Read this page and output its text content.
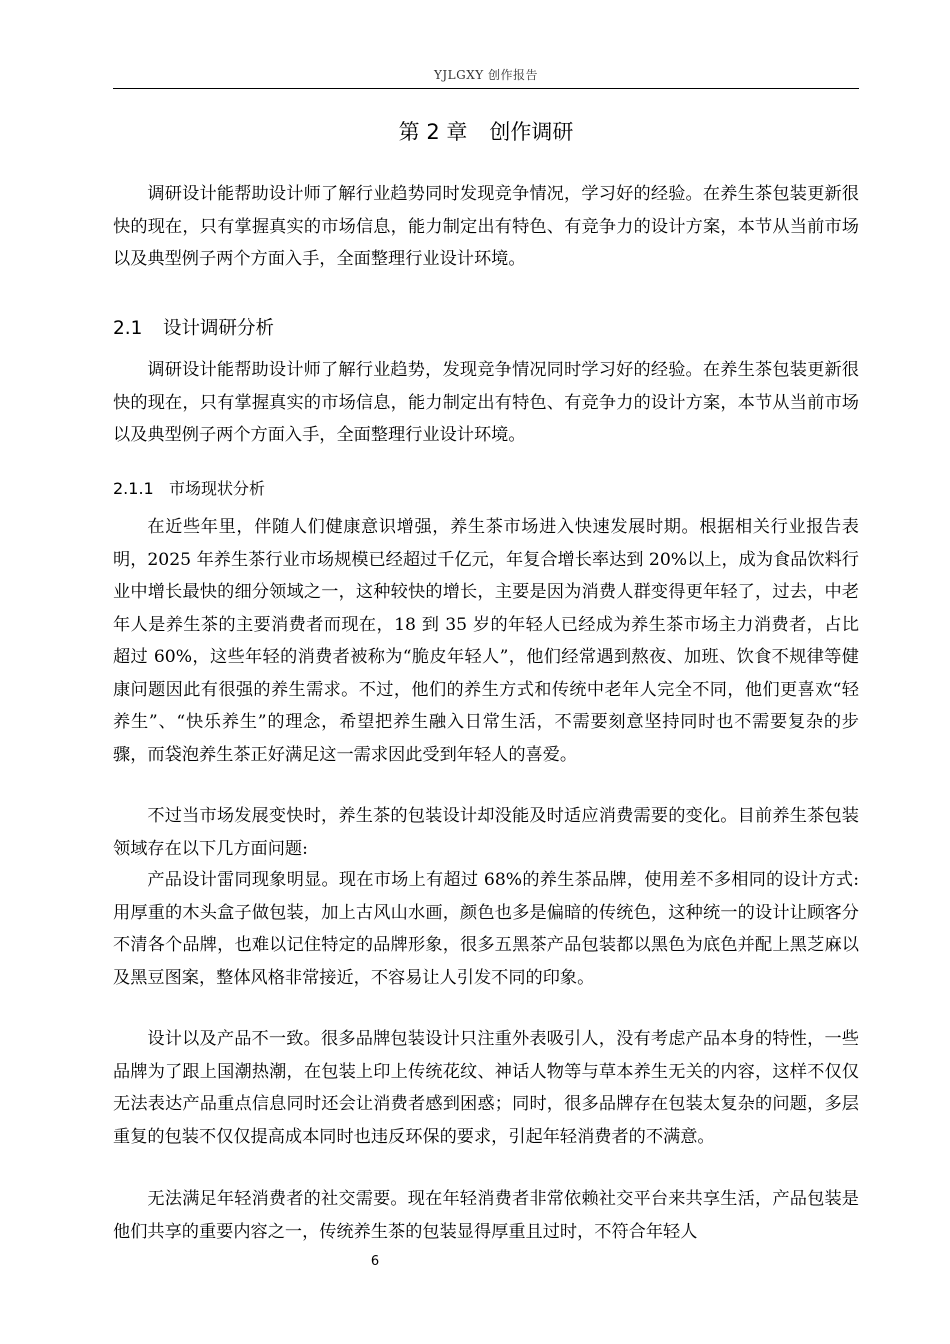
YJLGXY 创作报告
第 2 章 创作调研

调研设计能帮助设计师了解行业趋势同时发现竞争情况，学习好的经验。在养生茶包装更新很快的现在，只有掌握真实的市场信息，能力制定出有特色、有竞争力的设计方案，本节从当前市场以及典型例子两个方面入手，全面整理行业设计环境。

2.1 设计调研分析

调研设计能帮助设计师了解行业趋势，发现竞争情况同时学习好的经验。在养生茶包装更新很快的现在，只有掌握真实的市场信息，能力制定出有特色、有竞争力的设计方案，本节从当前市场以及典型例子两个方面入手，全面整理行业设计环境。

2.1.1 市场现状分析

在近些年里，伴随人们健康意识增强，养生茶市场进入快速发展时期。根据相关行业报告表明，2025 年养生茶行业市场规模已经超过千亿元，年复合增长率达到 20%以上，成为食品饮料行业中增长最快的细分领域之一，这种较快的增长，主要是因为消费人群变得更年轻了，过去，中老年人是养生茶的主要消费者而现在，18 到 35 岁的年轻人已经成为养生茶市场主力消费者，占比超过 60%，这些年轻的消费者被称为“脆皮年轻人”，他们经常遇到熬夜、加班、饮食不规律等健康问题因此有很强的养生需求。不过，他们的养生方式和传统中老年人完全不同，他们更喜欢“轻养生”、“快乐养生”的理念，希望把养生融入日常生活，不需要刻意坚持同时也不需要复杂的步骤，而袋泡养生茶正好满足这一需求因此受到年轻人的喜爱。

不过当市场发展变快时，养生茶的包装设计却没能及时适应消费需要的变化。目前养生茶包装领域存在以下几方面问题:

产品设计雷同现象明显。现在市场上有超过 68%的养生茶品牌，使用差不多相同的设计方式: 用厚重的木头盒子做包装，加上古风山水画，颜色也多是偏暗的传统色，这种统一的设计让顾客分不清各个品牌，也难以记住特定的品牌形象，很多五黑茶产品包装都以黑色为底色并配上黑芝麻以及黑豆图案，整体风格非常接近，不容易让人引发不同的印象。

设计以及产品不一致。很多品牌包装设计只注重外表吸引人，没有考虑产品本身的特性，一些品牌为了跟上国潮热潮，在包装上印上传统花纹、神话人物等与草本养生无关的内容，这样不仅仅无法表达产品重点信息同时还会让消费者感到困惑；同时，很多品牌存在包装太复杂的问题，多层重复的包装不仅仅提高成本同时也违反环保的要求，引起年轻消费者的不满意。

无法满足年轻消费者的社交需要。现在年轻消费者非常依赖社交平台来共享生活，产品包装是他们共享的重要内容之一，传统养生茶的包装显得厚重且过时，不符合年轻人

6
